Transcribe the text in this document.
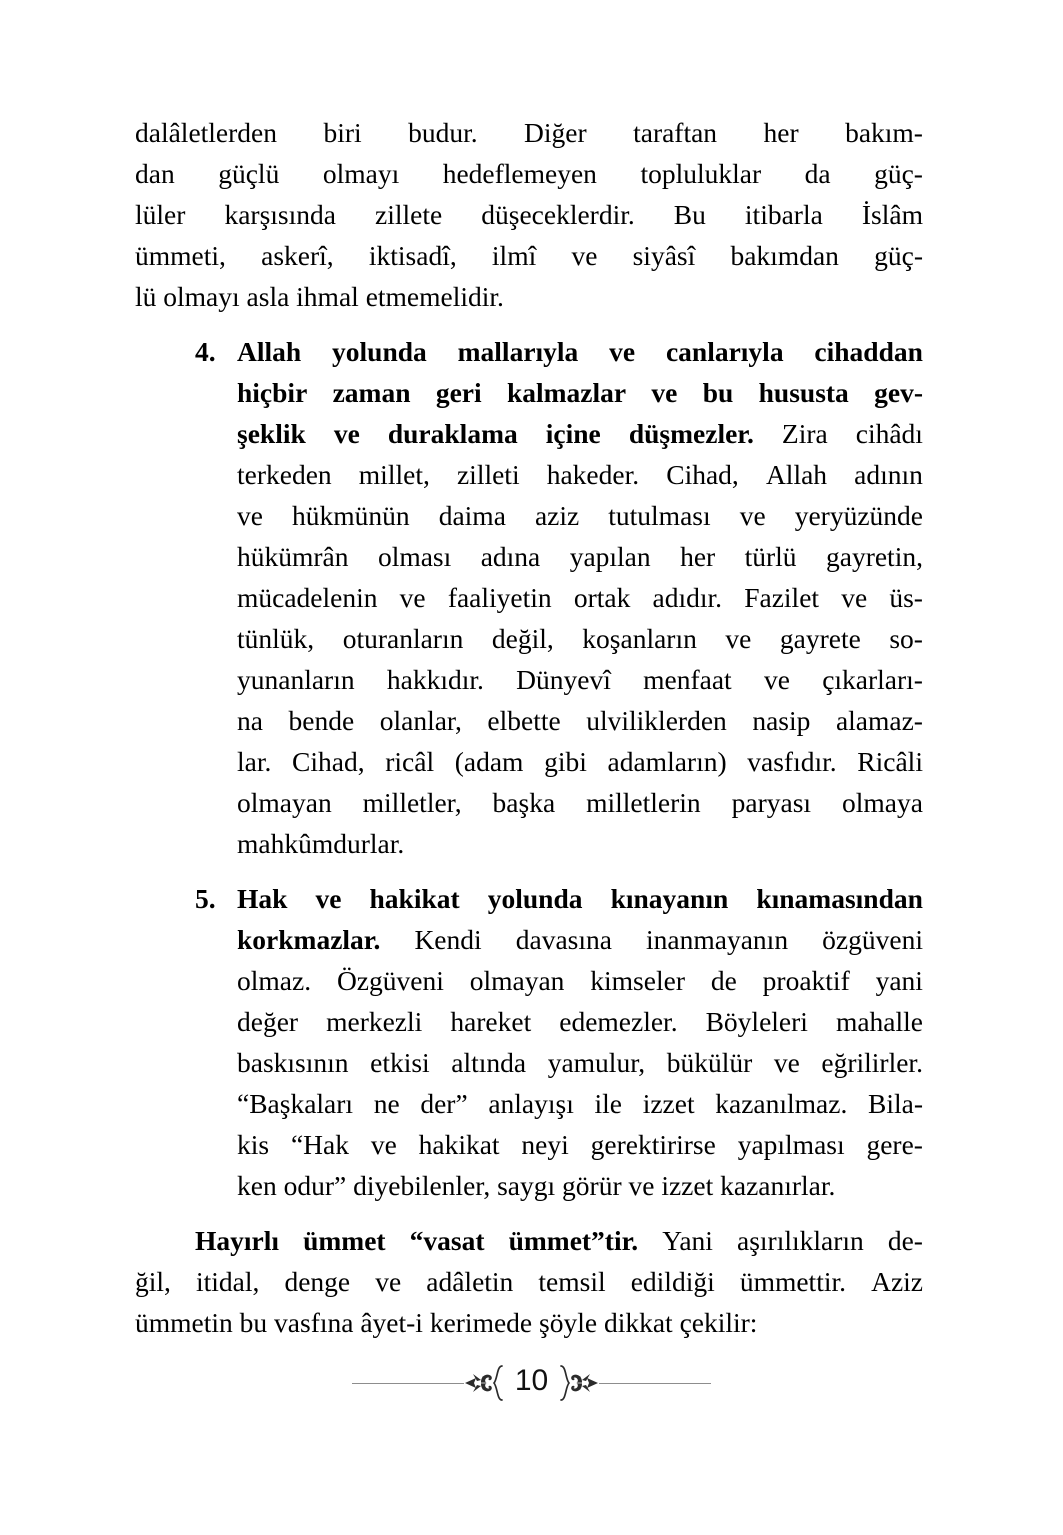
dalâletlerden biri budur. Diğer taraftan her bakım-
dan güçlü olmayı hedeflemeyen topluluklar da güç-
lüler karşısında zillete düşeceklerdir. Bu itibarla İslâm
ümmeti, askerî, iktisadî, ilmî ve siyâsî bakımdan güç-
lü olmayı asla ihmal etmemelidir.
4. Allah yolunda mallarıyla ve canlarıyla cihaddan
hiçbir zaman geri kalmazlar ve bu hususta gev-
şeklik ve duraklama içine düşmezler. Zira cihâdı
terkeden millet, zilleti hakeder. Cihad, Allah adının
ve hükmünün daima aziz tutulması ve yeryüzünde
hükümrân olması adına yapılan her türlü gayretin,
mücadelenin ve faaliyetin ortak adıdır. Fazilet ve üs-
tünlük, oturanların değil, koşanların ve gayrete so-
yunanların hakkıdır. Dünyevî menfaat ve çıkarları-
na bende olanlar, elbette ulviliklerden nasip alamaz-
lar. Cihad, ricâl (adam gibi adamların) vasfıdır. Ricâli
olmayan milletler, başka milletlerin paryası olmaya
mahkûmdurlar.
5. Hak ve hakikat yolunda kınayanın kınamasından
korkmazlar. Kendi davasına inanmayanın özgüveni
olmaz. Özgüveni olmayan kimseler de proaktif yani
değer merkezli hareket edemezler. Böyleleri mahalle
baskısının etkisi altında yamulur, bükülür ve eğrilirler.
“Başkaları ne der” anlayışı ile izzet kazanılmaz. Bila-
kis “Hak ve hakikat neyi gerektirirse yapılması gere-
ken odur” diyebilenler, saygı görür ve izzet kazanırlar.
Hayırlı ümmet “vasat ümmet”tir. Yani aşırılıkların de-
ğil, itidal, denge ve adâletin temsil edildiği ümmettir. Aziz
ümmetin bu vasfına âyet-i kerimede şöyle dikkat çekilir:
10
